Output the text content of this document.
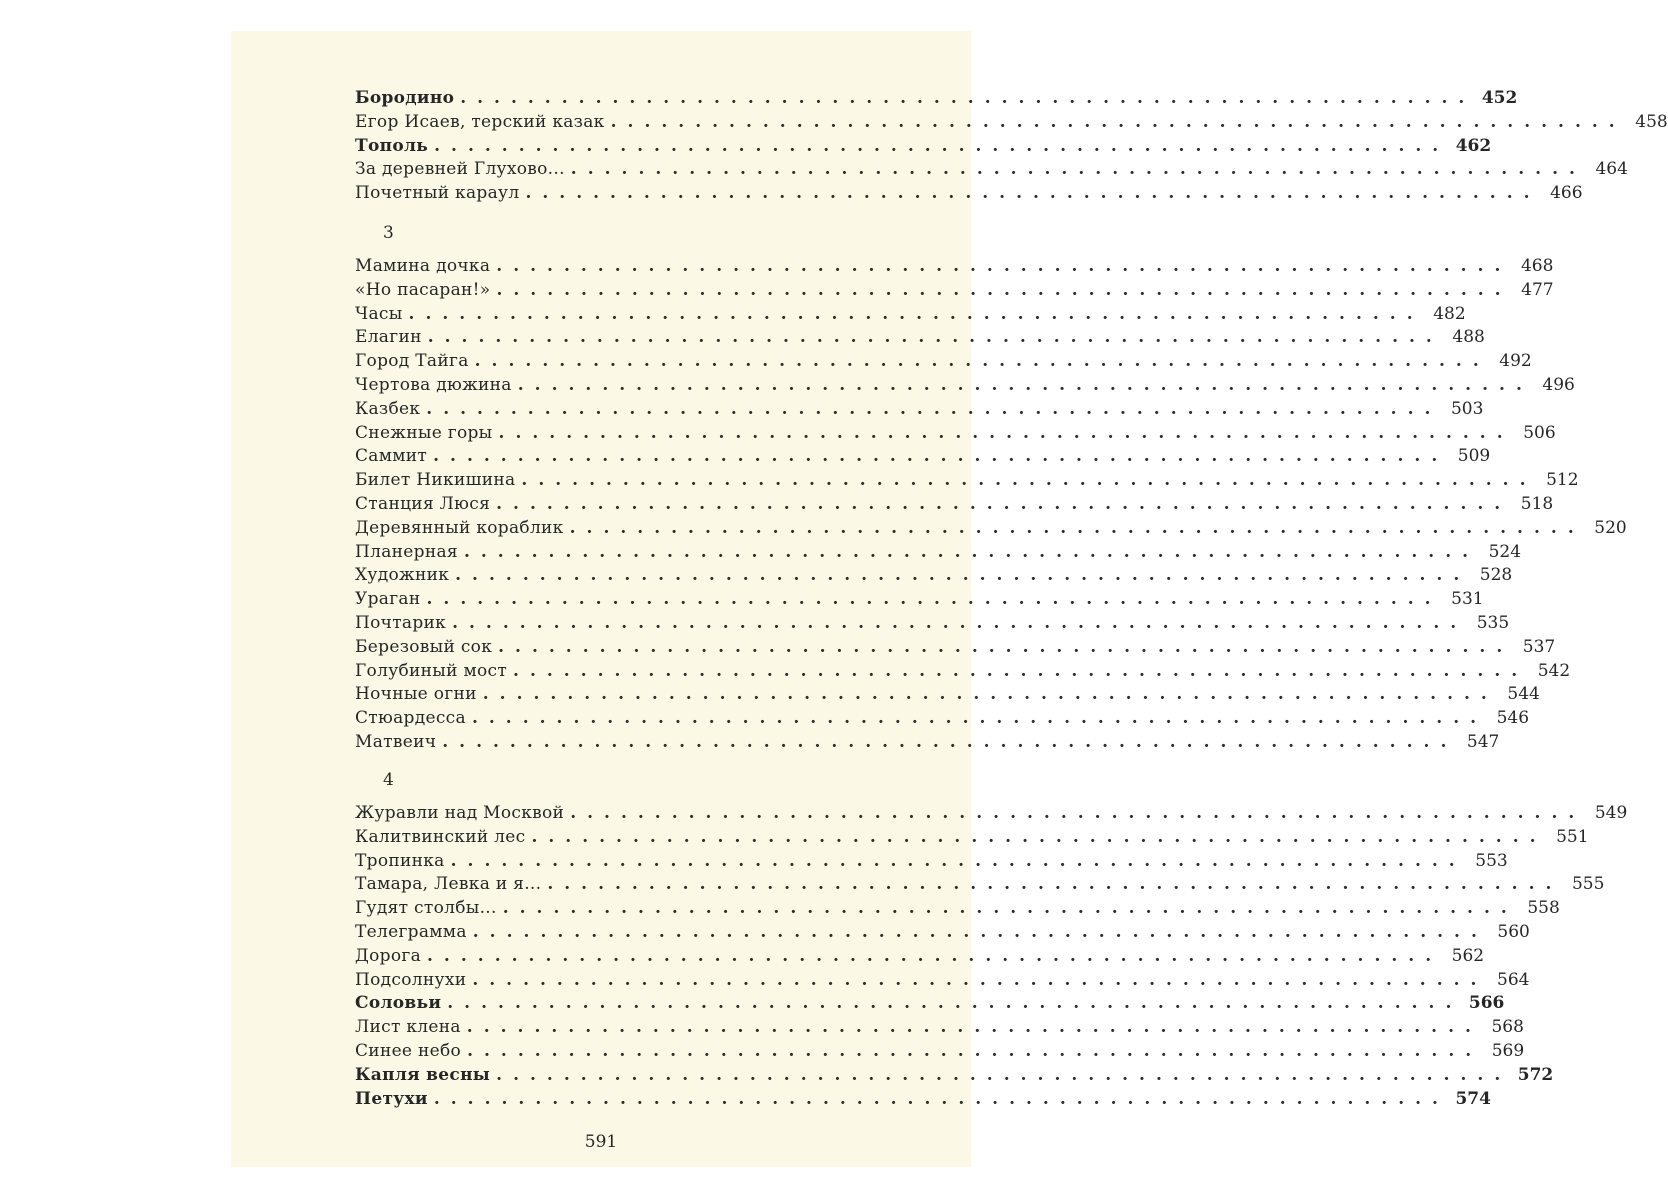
Бородино ............................................................ 452
Егор Исаев, терский казак ............................................................ 458
Тополь ............................................................ 462
За деревней Глухово... ............................................................ 464
Почетный караул ............................................................ 466
3
Мамина дочка ............................................................ 468
«Но пасаран!» ............................................................ 477
Часы ............................................................ 482
Елагин ............................................................ 488
Город Тайга ............................................................ 492
Чертова дюжина ............................................................ 496
Казбек ............................................................ 503
Снежные горы ............................................................ 506
Саммит ............................................................ 509
Билет Никишина ............................................................ 512
Станция Люся ............................................................ 518
Деревянный кораблик ............................................................ 520
Планерная ............................................................ 524
Художник ............................................................ 528
Ураган ............................................................ 531
Почтарик ............................................................ 535
Березовый сок ............................................................ 537
Голубиный мост ............................................................ 542
Ночные огни ............................................................ 544
Стюардесса ............................................................ 546
Матвеич ............................................................ 547
4
Журавли над Москвой ............................................................ 549
Калитвинский лес ............................................................ 551
Тропинка ............................................................ 553
Тамара, Левка и я... ............................................................ 555
Гудят столбы... ............................................................ 558
Телеграмма ............................................................ 560
Дорога ............................................................ 562
Подсолнухи ............................................................ 564
Соловьи ............................................................ 566
Лист клена ............................................................ 568
Синее небо ............................................................ 569
Капля весны ............................................................ 572
Петухи ............................................................ 574
591
